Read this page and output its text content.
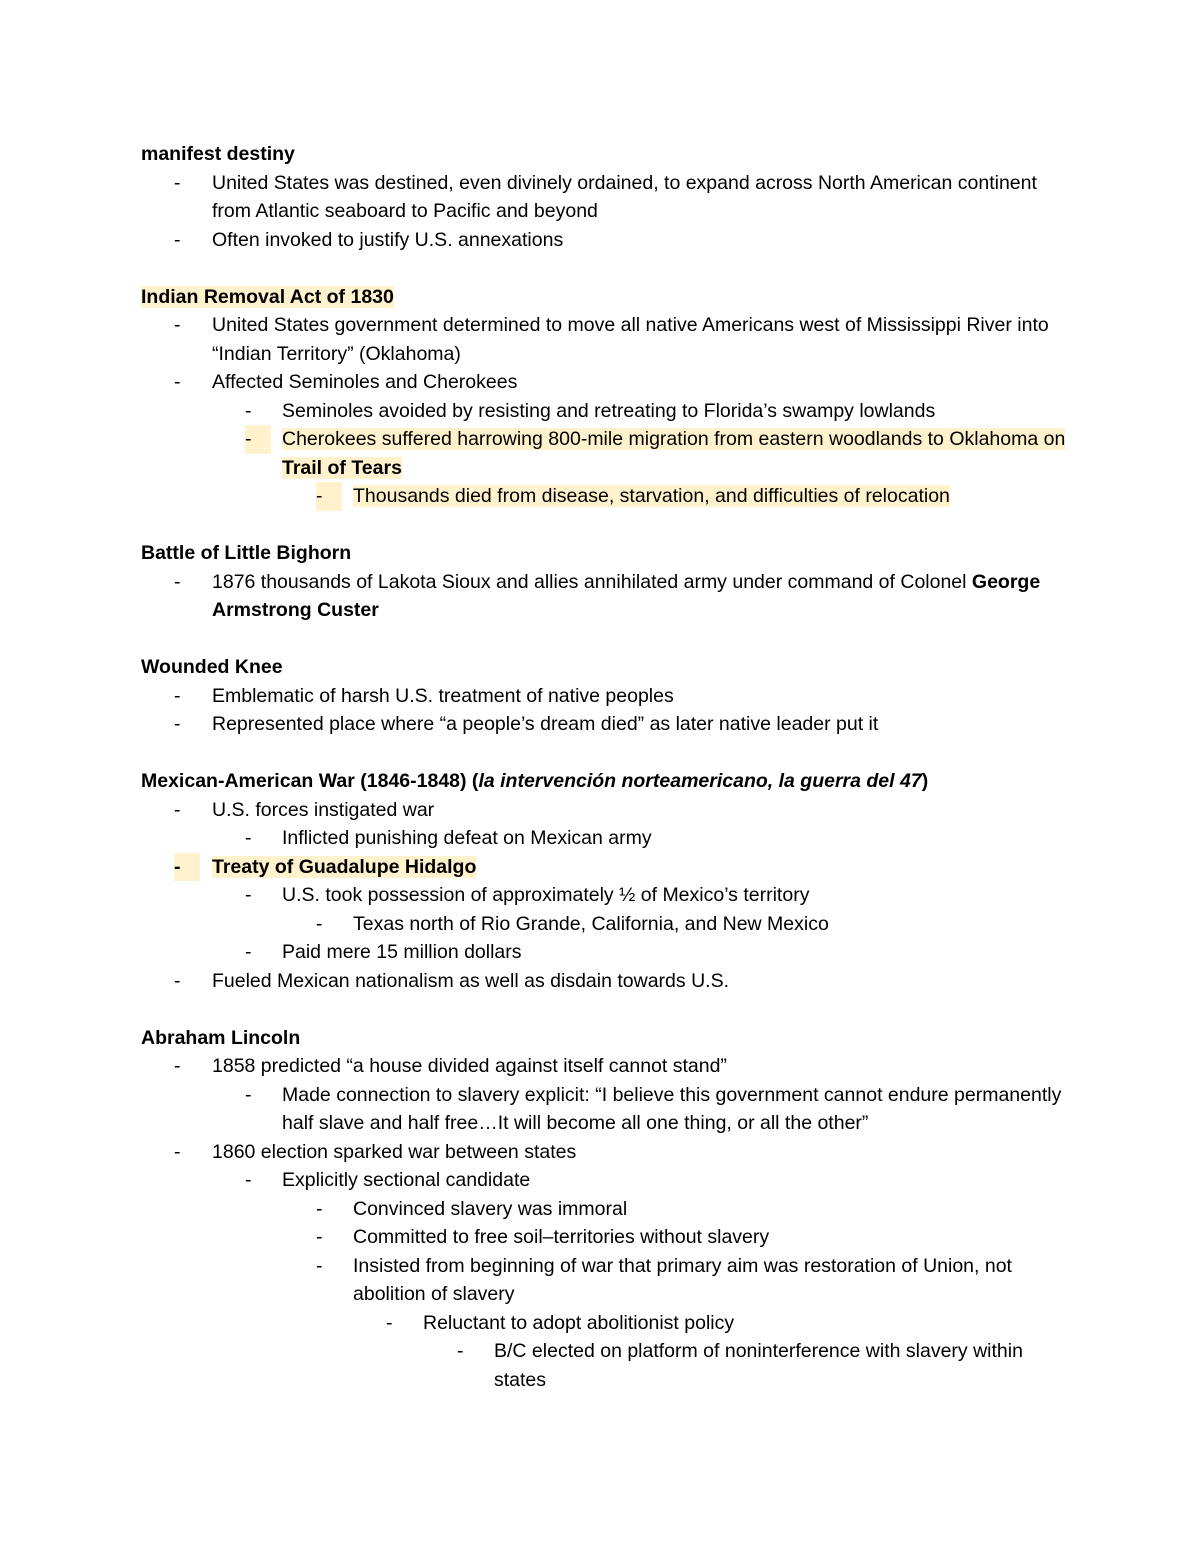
manifest destiny
-	United States was destined, even divinely ordained, to expand across North American continent from Atlantic seaboard to Pacific and beyond
-	Often invoked to justify U.S. annexations
Indian Removal Act of 1830
-	United States government determined to move all native Americans west of Mississippi River into “Indian Territory” (Oklahoma)
-	Affected Seminoles and Cherokees
-	Seminoles avoided by resisting and retreating to Florida’s swampy lowlands
-	Cherokees suffered harrowing 800-mile migration from eastern woodlands to Oklahoma on Trail of Tears
-	Thousands died from disease, starvation, and difficulties of relocation
Battle of Little Bighorn
-	1876 thousands of Lakota Sioux and allies annihilated army under command of Colonel George Armstrong Custer
Wounded Knee
-	Emblematic of harsh U.S. treatment of native peoples
-	Represented place where “a people’s dream died” as later native leader put it
Mexican-American War (1846-1848) (la intervención norteamericano, la guerra del 47)
-	U.S. forces instigated war
-	Inflicted punishing defeat on Mexican army
-	Treaty of Guadalupe Hidalgo
-	U.S. took possession of approximately ½ of Mexico’s territory
-	Texas north of Rio Grande, California, and New Mexico
-	Paid mere 15 million dollars
-	Fueled Mexican nationalism as well as disdain towards U.S.
Abraham Lincoln
-	1858 predicted “a house divided against itself cannot stand”
-	Made connection to slavery explicit: “I believe this government cannot endure permanently half slave and half free…It will become all one thing, or all the other”
-	1860 election sparked war between states
-	Explicitly sectional candidate
-	Convinced slavery was immoral
-	Committed to free soil–territories without slavery
-	Insisted from beginning of war that primary aim was restoration of Union, not abolition of slavery
-	Reluctant to adopt abolitionist policy
-	B/C elected on platform of noninterference with slavery within states
